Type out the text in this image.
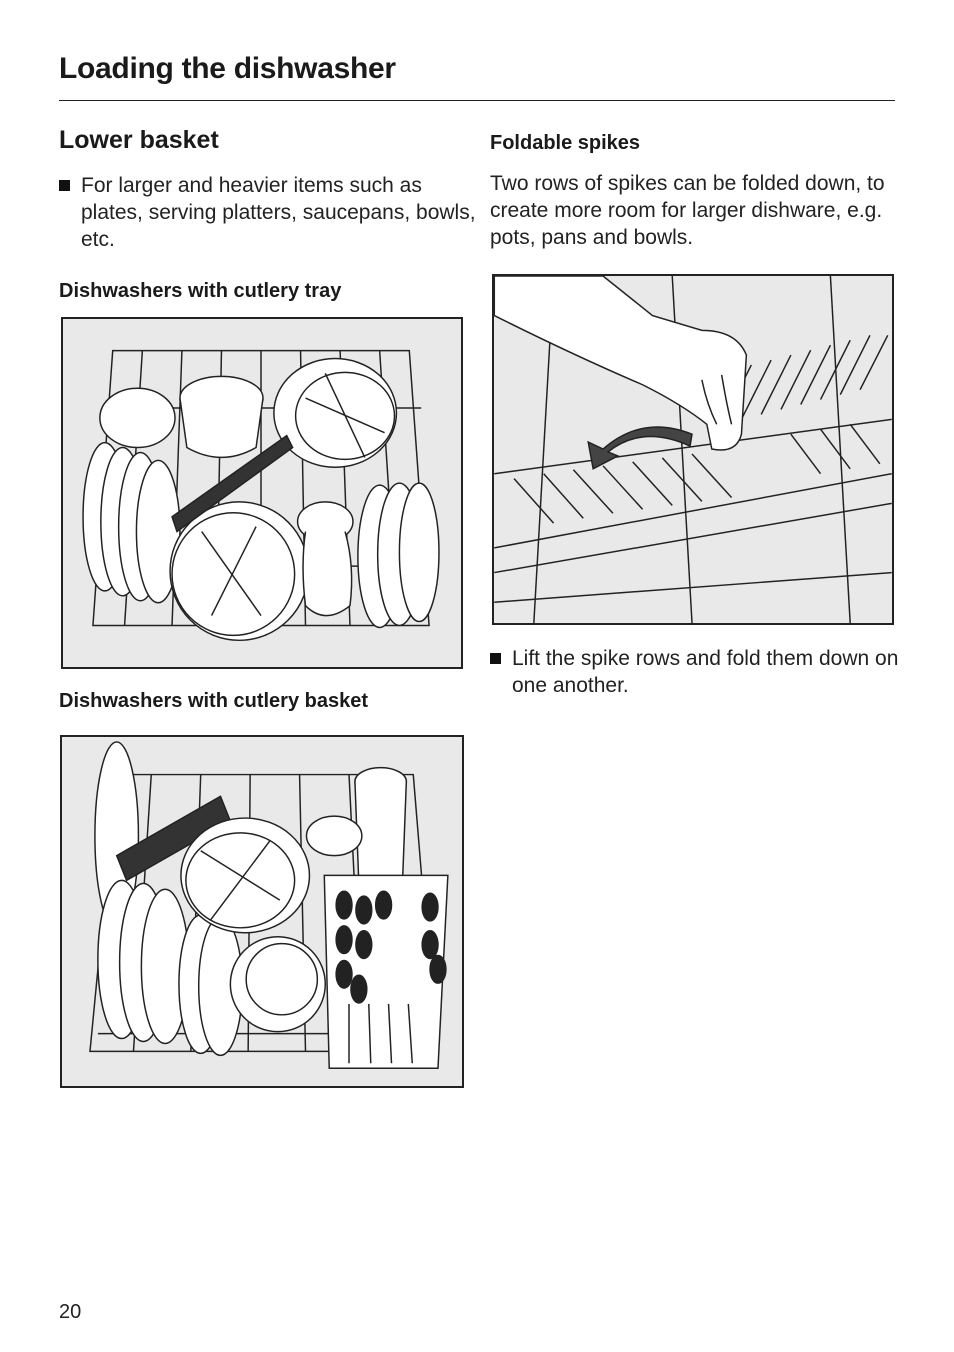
Loading the dishwasher
Lower basket
For larger and heavier items such as plates, serving platters, saucepans, bowls, etc.
Dishwashers with cutlery tray
Dishwashers with cutlery basket
Foldable spikes
Two rows of spikes can be folded down, to create more room for larger dishware, e.g. pots, pans and bowls.
Lift the spike rows and fold them down on one another.
20
